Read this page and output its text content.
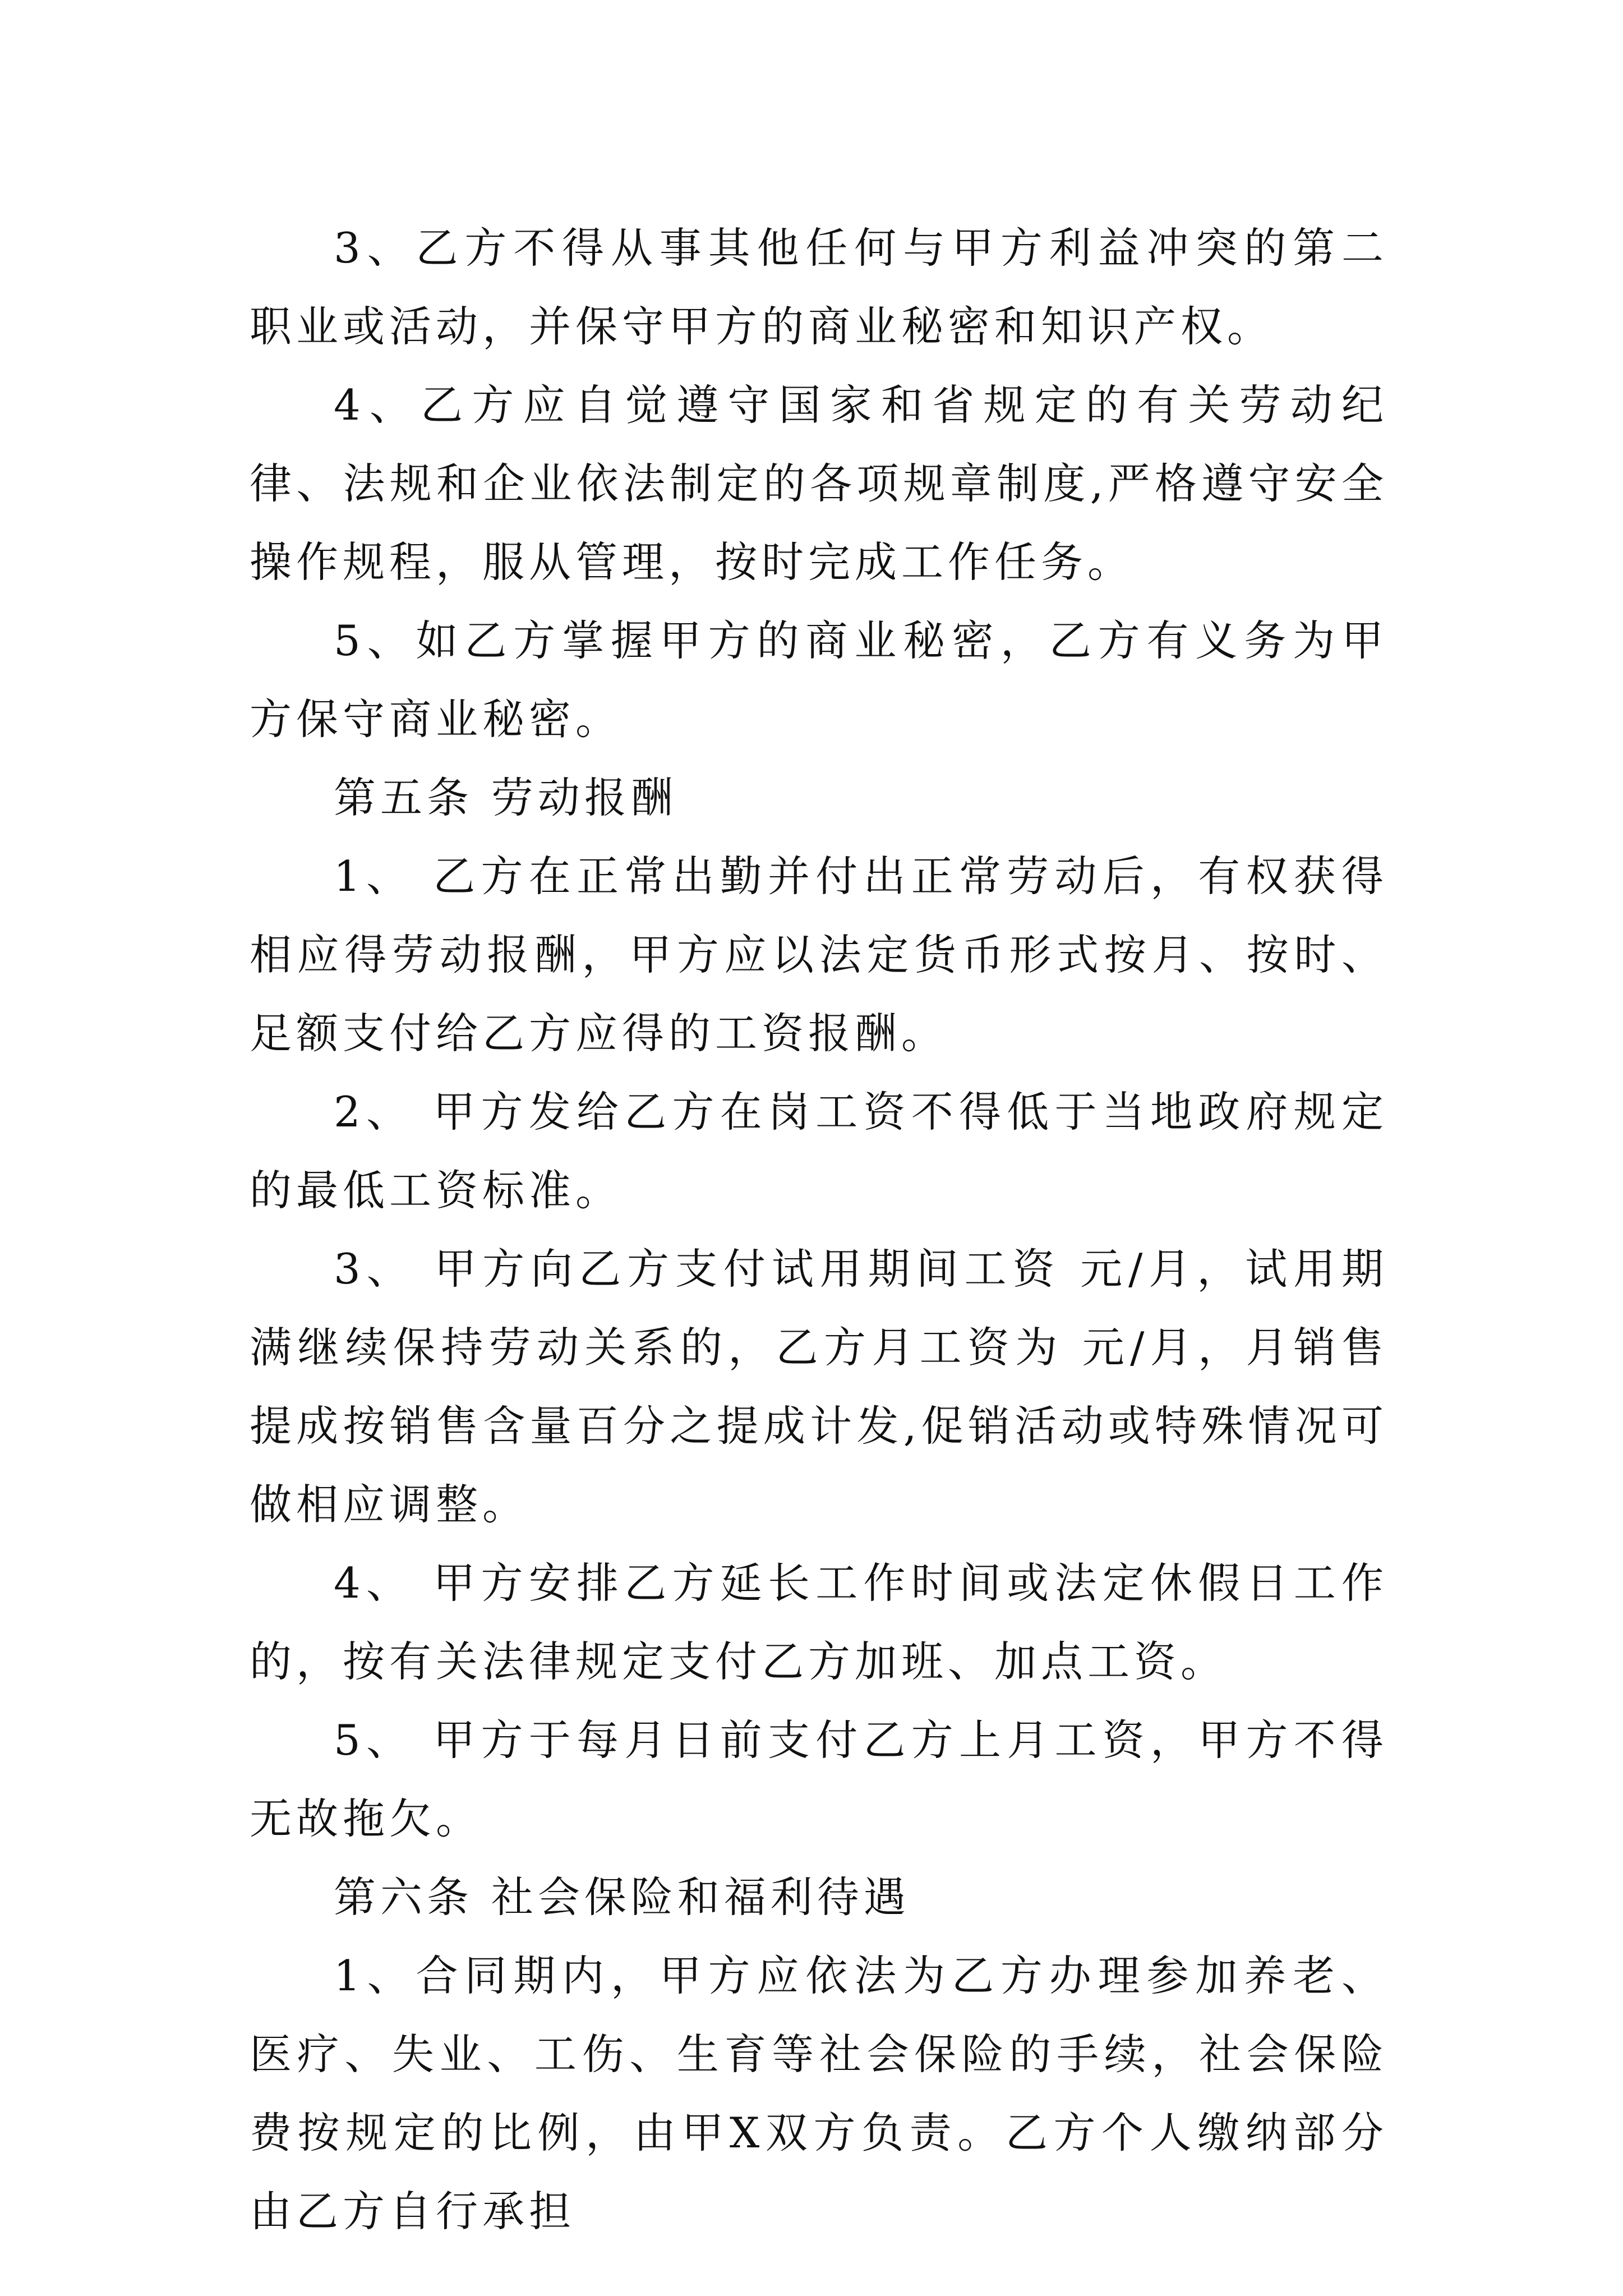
3、乙方不得从事其他任何与甲方利益冲突的第二职业或活动，并保守甲方的商业秘密和知识产权。

4、乙方应自觉遵守国家和省规定的有关劳动纪律、法规和企业依法制定的各项规章制度,严格遵守安全操作规程，服从管理，按时完成工作任务。

5、如乙方掌握甲方的商业秘密，乙方有义务为甲方保守商业秘密。

第五条 劳动报酬

1、 乙方在正常出勤并付出正常劳动后，有权获得相应得劳动报酬，甲方应以法定货币形式按月、按时、足额支付给乙方应得的工资报酬。

2、 甲方发给乙方在岗工资不得低于当地政府规定的最低工资标准。

3、 甲方向乙方支付试用期间工资 元/月，试用期满继续保持劳动关系的，乙方月工资为 元/月，月销售提成按销售含量百分之提成计发,促销活动或特殊情况可做相应调整。

4、 甲方安排乙方延长工作时间或法定休假日工作的，按有关法律规定支付乙方加班、加点工资。

5、 甲方于每月日前支付乙方上月工资，甲方不得无故拖欠。

第六条 社会保险和福利待遇

1、合同期内，甲方应依法为乙方办理参加养老、医疗、失业、工伤、生育等社会保险的手续，社会保险费按规定的比例，由甲X双方负责。乙方个人缴纳部分由乙方自行承担
